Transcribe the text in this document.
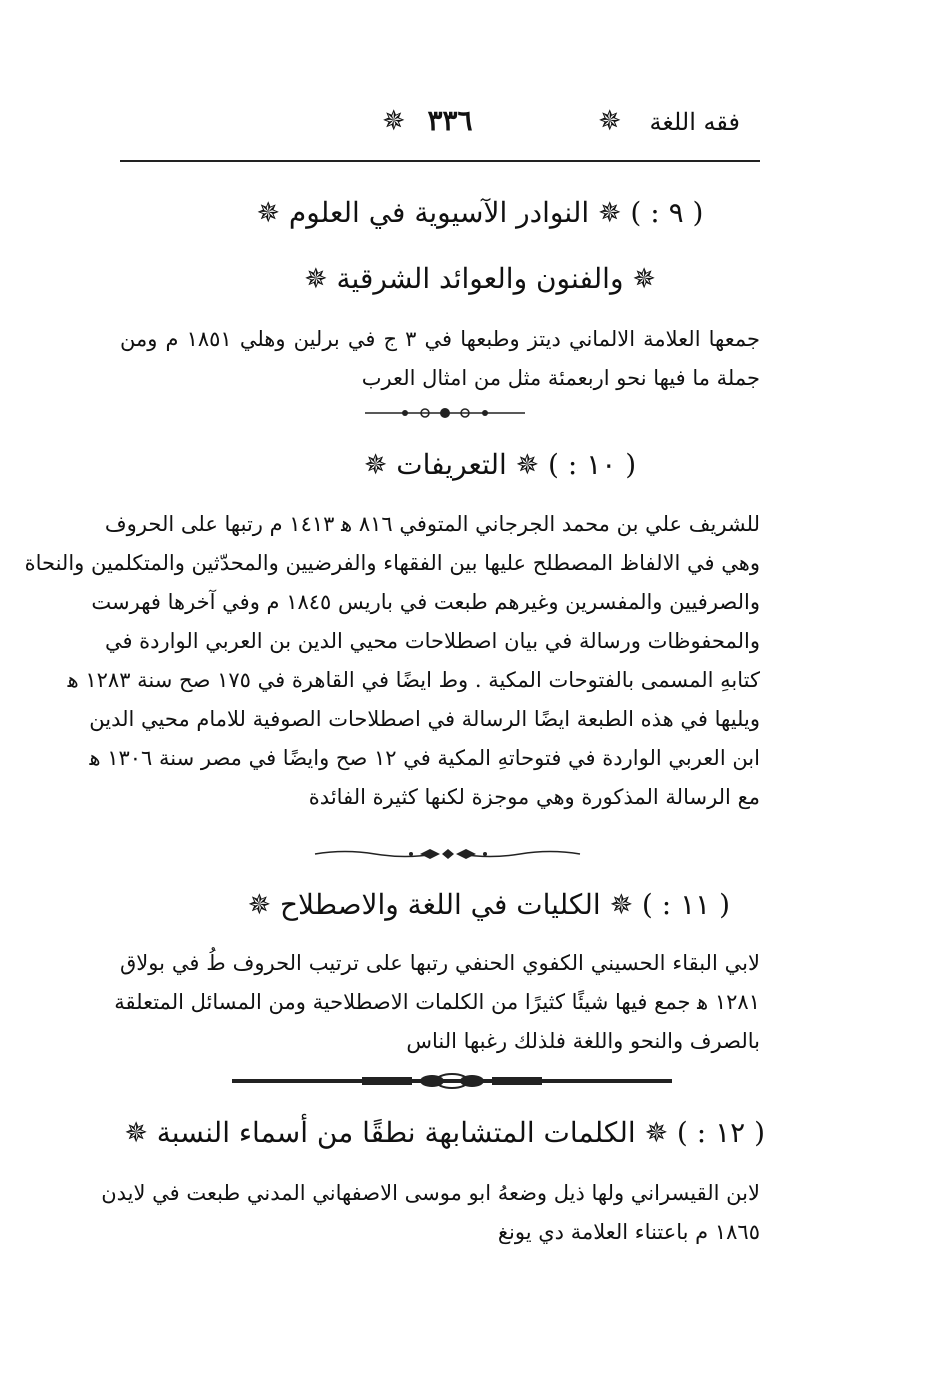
فقه اللغة
✵ ٣٣٦	✵
( ٩ : ) ✵ النوادر الآسيوية في العلوم ✵
✵ والفنون والعوائد الشرقية ✵
جمعها العلامة الالماني ديتز وطبعها في ٣ ج في برلين وهلي ١٨٥١ م ومن
جملة ما فيها نحو اربعمئة مثل من امثال العرب
( ١٠ : ) ✵ التعريفات ✵
للشريف علي بن محمد الجرجاني المتوفي ٨١٦ ﻫ ١٤١٣ م رتبها على الحروف
وهي في الالفاظ المصطلح عليها بين الفقهاء والفرضيين والمحدّثين والمتكلمين والنحاة
والصرفيين والمفسرين وغيرهم طبعت في باريس ١٨٤٥ م وفي آخرها فهرست
والمحفوظات ورسالة في بيان اصطلاحات محيي الدين بن العربي الواردة في
كتابهِ المسمى بالفتوحات المكية . وط ايضًا في القاهرة في ١٧٥ صح سنة ١٢٨٣ ﻫ
ويليها في هذه الطبعة ايضًا الرسالة في اصطلاحات الصوفية للامام محيي الدين
ابن العربي الواردة في فتوحاتهِ المكية في ١٢ صح وايضًا في مصر سنة ١٣٠٦ ﻫ
مع الرسالة المذكورة وهي موجزة لكنها كثيرة الفائدة
( ١١ : ) ✵ الكليات في اللغة والاصطلاح ✵
لابي البقاء الحسيني الكفوي الحنفي رتبها على ترتيب الحروف طُ في بولاق
١٢٨١ ﻫ جمع فيها شيئًا كثيرًا من الكلمات الاصطلاحية ومن المسائل المتعلقة
بالصرف والنحو واللغة فلذلك رغبها الناس
( ١٢ : ) ✵ الكلمات المتشابهة نطقًا من أسماء النسبة ✵
لابن القيسراني ولها ذيل وضعهُ ابو موسى الاصفهاني المدني طبعت في لايدن
١٨٦٥ م باعتناء العلامة دي يونغ
